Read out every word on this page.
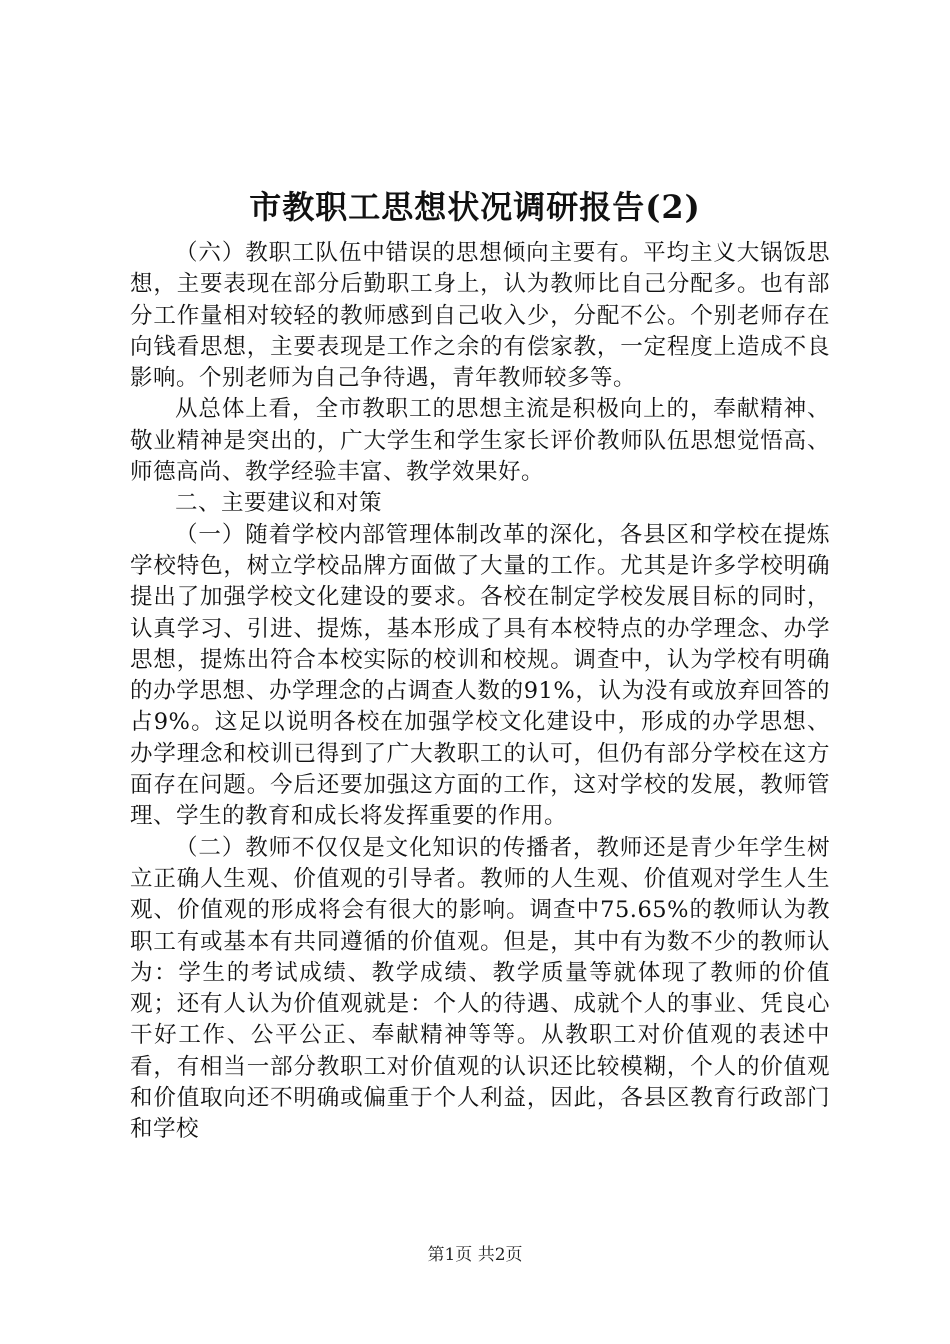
市教职工思想状况调研报告(2)

（六）教职工队伍中错误的思想倾向主要有。平均主义大锅饭思想，主要表现在部分后勤职工身上，认为教师比自己分配多。也有部分工作量相对较轻的教师感到自己收入少，分配不公。个别老师存在向钱看思想，主要表现是工作之余的有偿家教，一定程度上造成不良影响。个别老师为自己争待遇，青年教师较多等。

从总体上看，全市教职工的思想主流是积极向上的，奉献精神、敬业精神是突出的，广大学生和学生家长评价教师队伍思想觉悟高、师德高尚、教学经验丰富、教学效果好。

二、主要建议和对策

（一）随着学校内部管理体制改革的深化，各县区和学校在提炼学校特色，树立学校品牌方面做了大量的工作。尤其是许多学校明确提出了加强学校文化建设的要求。各校在制定学校发展目标的同时，认真学习、引进、提炼，基本形成了具有本校特点的办学理念、办学思想，提炼出符合本校实际的校训和校规。调查中，认为学校有明确的办学思想、办学理念的占调查人数的91%，认为没有或放弃回答的占9%。这足以说明各校在加强学校文化建设中，形成的办学思想、办学理念和校训已得到了广大教职工的认可，但仍有部分学校在这方面存在问题。今后还要加强这方面的工作，这对学校的发展，教师管理、学生的教育和成长将发挥重要的作用。

（二）教师不仅仅是文化知识的传播者，教师还是青少年学生树立正确人生观、价值观的引导者。教师的人生观、价值观对学生人生观、价值观的形成将会有很大的影响。调查中75.65%的教师认为教职工有或基本有共同遵循的价值观。但是，其中有为数不少的教师认为：学生的考试成绩、教学成绩、教学质量等就体现了教师的价值观；还有人认为价值观就是：个人的待遇、成就个人的事业、凭良心干好工作、公平公正、奉献精神等等。从教职工对价值观的表述中看，有相当一部分教职工对价值观的认识还比较模糊，个人的价值观和价值取向还不明确或偏重于个人利益，因此，各县区教育行政部门和学校

第1页 共2页
